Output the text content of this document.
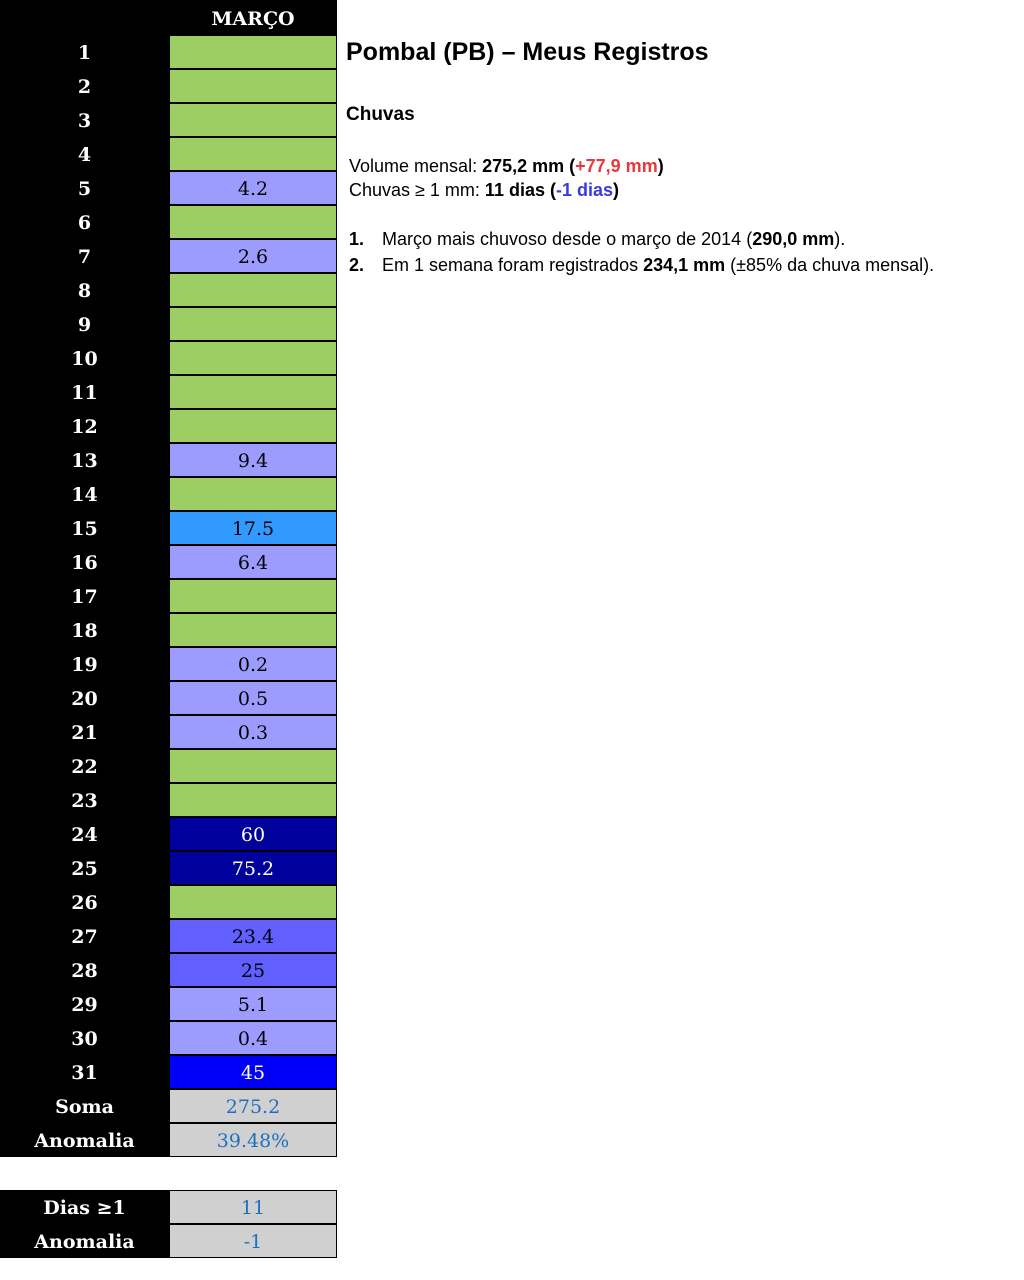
MARÇO
1
2
3
4
5	4.2
6
7	2.6
8
9
10
11
12
13	9.4
14
15	17.5
16	6.4
17
18
19	0.2
20	0.5
21	0.3
22
23
24	60
25	75.2
26
27	23.4
28	25
29	5.1
30	0.4
31	45
Soma	275.2
Anomalia	39.48%
Dias ≥1	11
Anomalia	-1
Pombal (PB) – Meus Registros
Chuvas
Volume mensal: 275,2 mm (+77,9 mm)
Chuvas ≥ 1 mm: 11 dias (-1 dias)
1. Março mais chuvoso desde o março de 2014 (290,0 mm).
2. Em 1 semana foram registrados 234,1 mm (±85% da chuva mensal).
